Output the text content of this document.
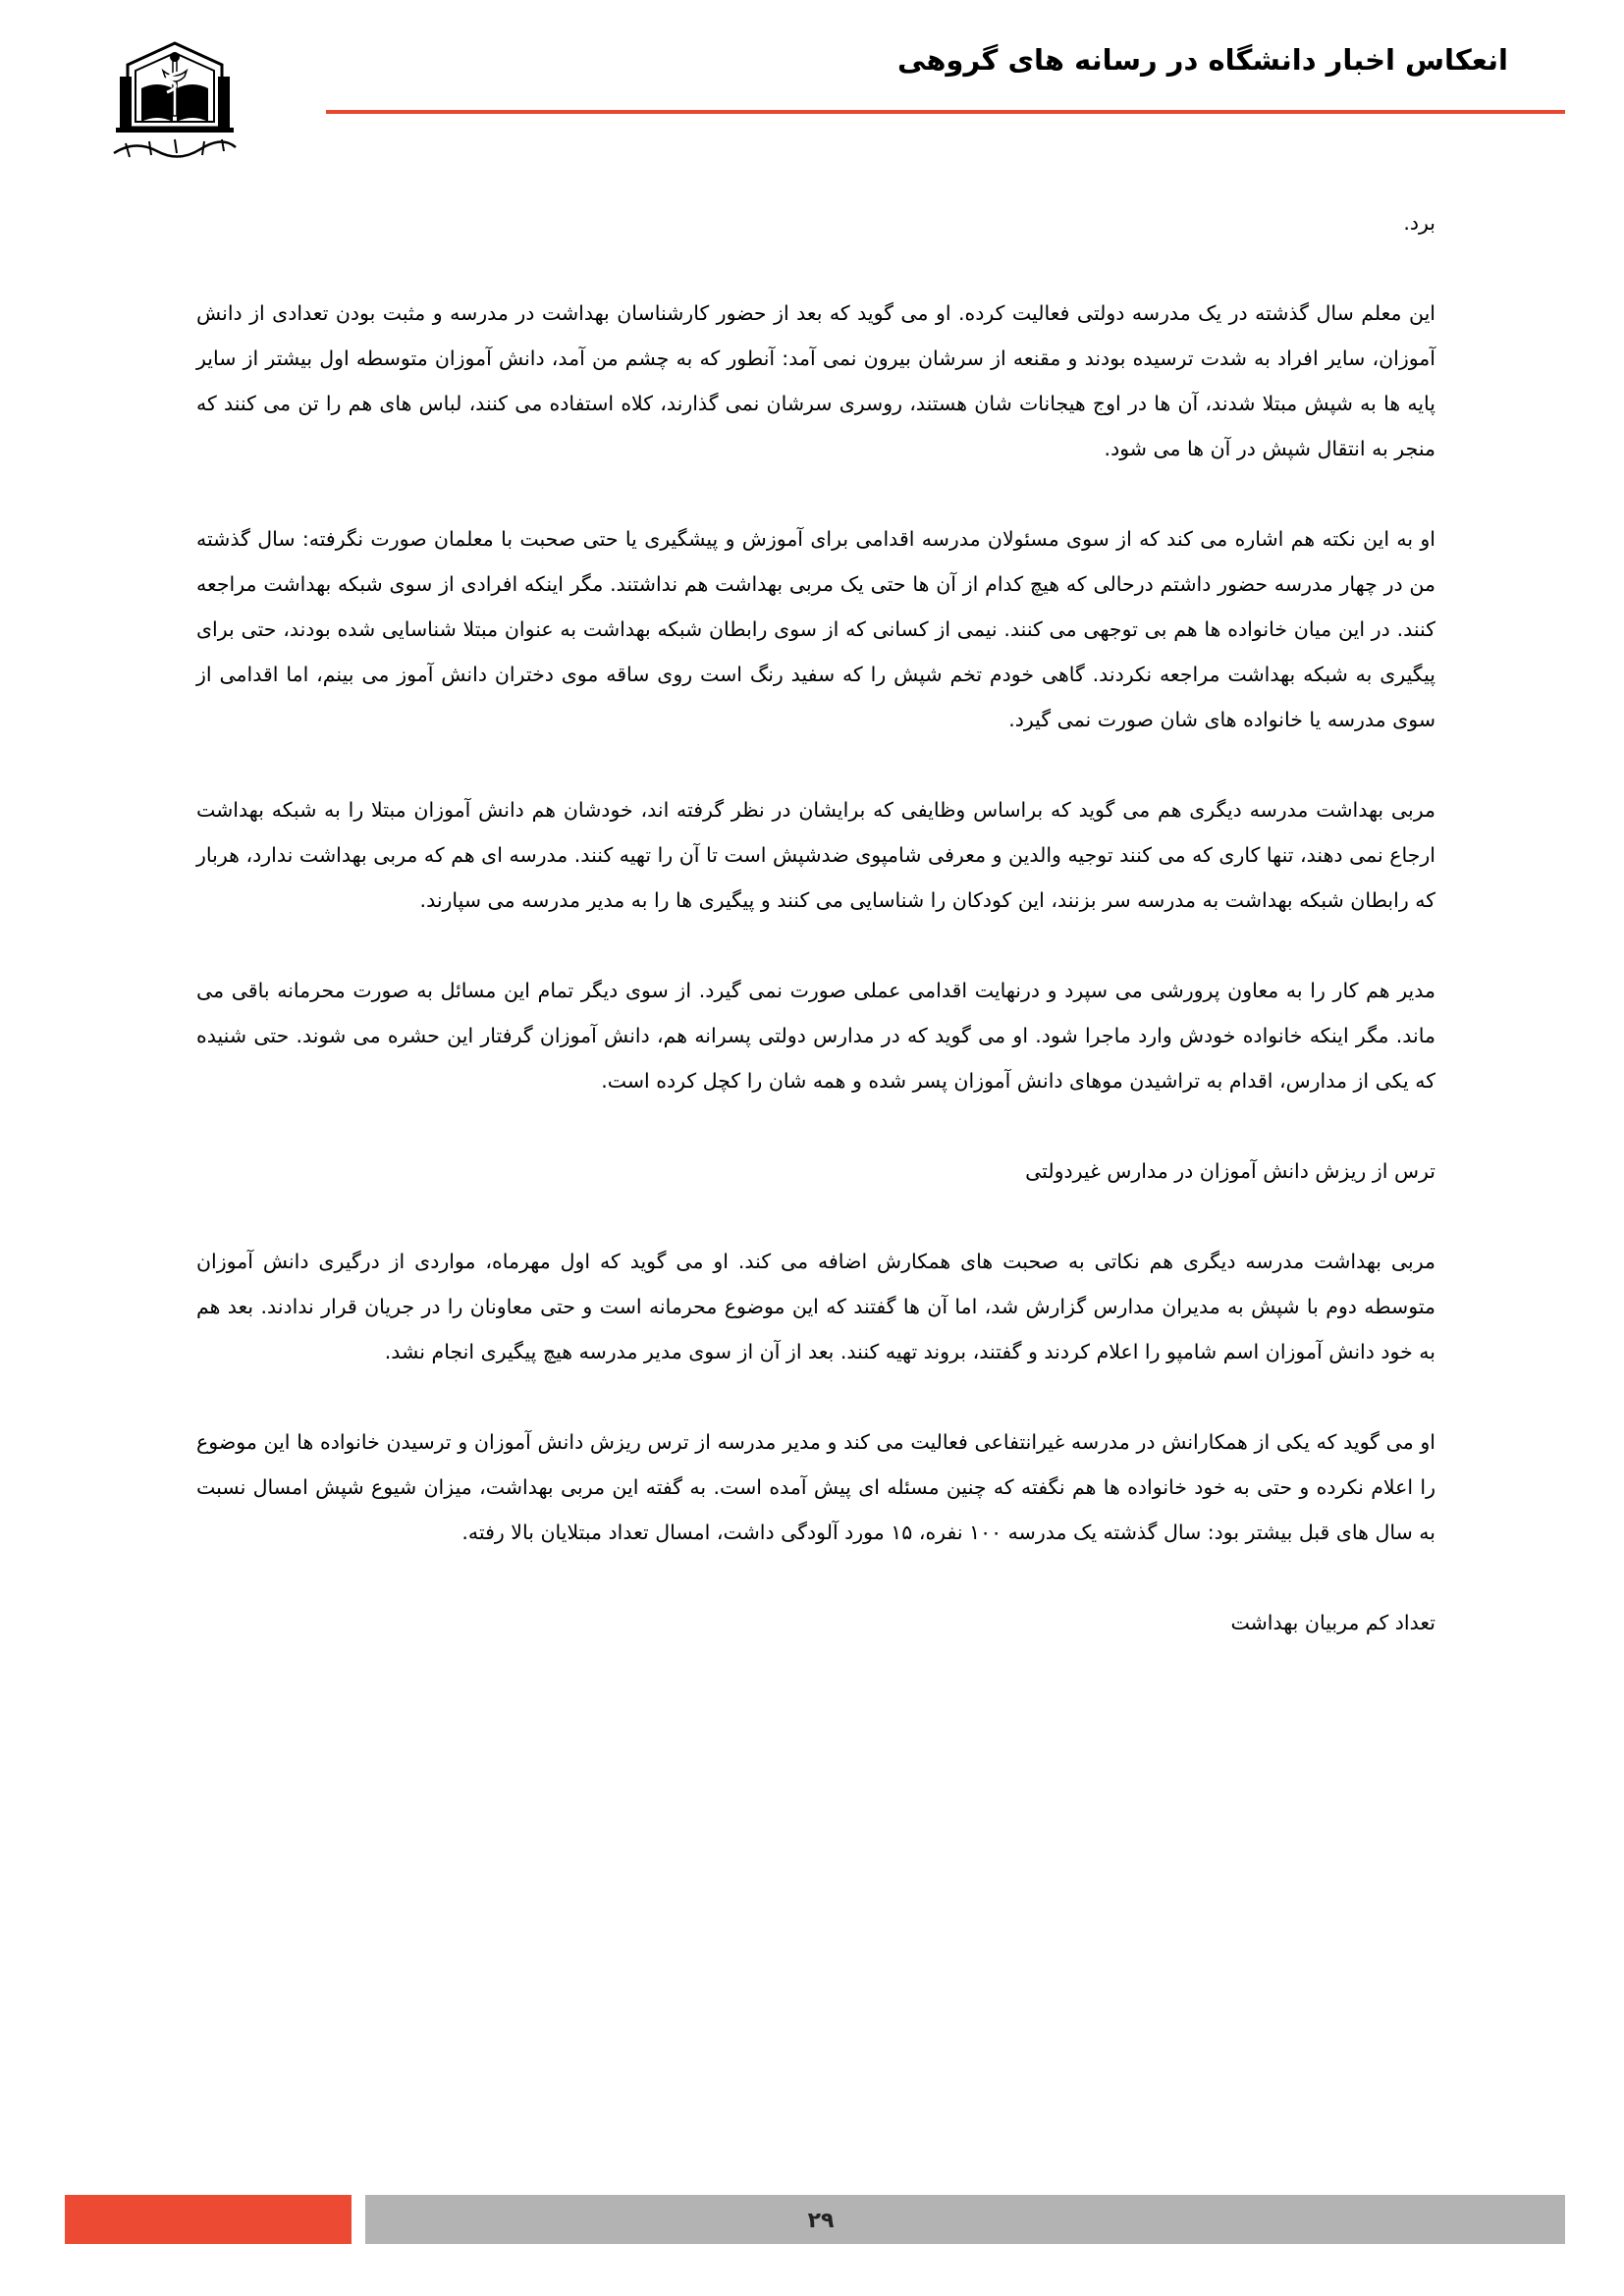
انعکاس اخبار دانشگاه در رسانه های گروهی

برد.

این معلم سال گذشته در یک مدرسه دولتی فعالیت کرده. او می گوید که بعد از حضور کارشناسان بهداشت در مدرسه و مثبت بودن تعدادی از دانش آموزان، سایر افراد به شدت ترسیده بودند و مقنعه از سرشان بیرون نمی آمد: آنطور که به چشم من آمد، دانش آموزان متوسطه اول بیشتر از سایر پایه ها به شپش مبتلا شدند، آن ها در اوج هیجانات شان هستند، روسری سرشان نمی گذارند، کلاه استفاده می کنند، لباس های هم را تن می کنند که منجر به انتقال شپش در آن ها می شود.

او به این نکته هم اشاره می کند که از سوی مسئولان مدرسه اقدامی برای آموزش و پیشگیری یا حتی صحبت با معلمان صورت نگرفته: سال گذشته من در چهار مدرسه حضور داشتم درحالی که هیچ کدام از آن ها حتی یک مربی بهداشت هم نداشتند. مگر اینکه افرادی از سوی شبکه بهداشت مراجعه کنند. در این میان خانواده ها هم بی توجهی می کنند. نیمی از کسانی که از سوی رابطان شبکه بهداشت به عنوان مبتلا شناسایی شده بودند، حتی برای پیگیری به شبکه بهداشت مراجعه نکردند. گاهی خودم تخم شپش را که سفید رنگ است روی ساقه موی دختران دانش آموز می بینم، اما اقدامی از سوی مدرسه یا خانواده های شان صورت نمی گیرد.

مربی بهداشت مدرسه دیگری هم می گوید که براساس وظایفی که برایشان در نظر گرفته اند، خودشان هم دانش آموزان مبتلا را به شبکه بهداشت ارجاع نمی دهند، تنها کاری که می کنند توجیه والدین و معرفی شامپوی ضدشپش است تا آن را تهیه کنند. مدرسه ای هم که مربی بهداشت ندارد، هربار که رابطان شبکه بهداشت به مدرسه سر بزنند، این کودکان را شناسایی می کنند و پیگیری ها را به مدیر مدرسه می سپارند.

مدیر هم کار را به معاون پرورشی می سپرد و درنهایت اقدامی عملی صورت نمی گیرد. از سوی دیگر تمام این مسائل به صورت محرمانه باقی می ماند. مگر اینکه خانواده خودش وارد ماجرا شود. او می گوید که در مدارس دولتی پسرانه هم، دانش آموزان گرفتار این حشره می شوند. حتی شنیده که یکی از مدارس، اقدام به تراشیدن موهای دانش آموزان پسر شده و همه شان را کچل کرده است.

ترس از ریزش دانش آموزان در مدارس غیردولتی

مربی بهداشت مدرسه دیگری هم نکاتی به صحبت های همکارش اضافه می کند. او می گوید که اول مهرماه، مواردی از درگیری دانش آموزان متوسطه دوم با شپش به مدیران مدارس گزارش شد، اما آن ها گفتند که این موضوع محرمانه است و حتی معاونان را در جریان قرار ندادند. بعد هم به خود دانش آموزان اسم شامپو را اعلام کردند و گفتند، بروند تهیه کنند. بعد از آن از سوی مدیر مدرسه هیچ پیگیری انجام نشد.

او می گوید که یکی از همکارانش در مدرسه غیرانتفاعی فعالیت می کند و مدیر مدرسه از ترس ریزش دانش آموزان و ترسیدن خانواده ها این موضوع را اعلام نکرده و حتی به خود خانواده ها هم نگفته که چنین مسئله ای پیش آمده است. به گفته این مربی بهداشت، میزان شیوع شپش امسال نسبت به سال های قبل بیشتر بود: سال گذشته یک مدرسه ۱۰۰ نفره، ۱۵ مورد آلودگی داشت، امسال تعداد مبتلایان بالا رفته.

تعداد کم مربیان بهداشت

۲۹
